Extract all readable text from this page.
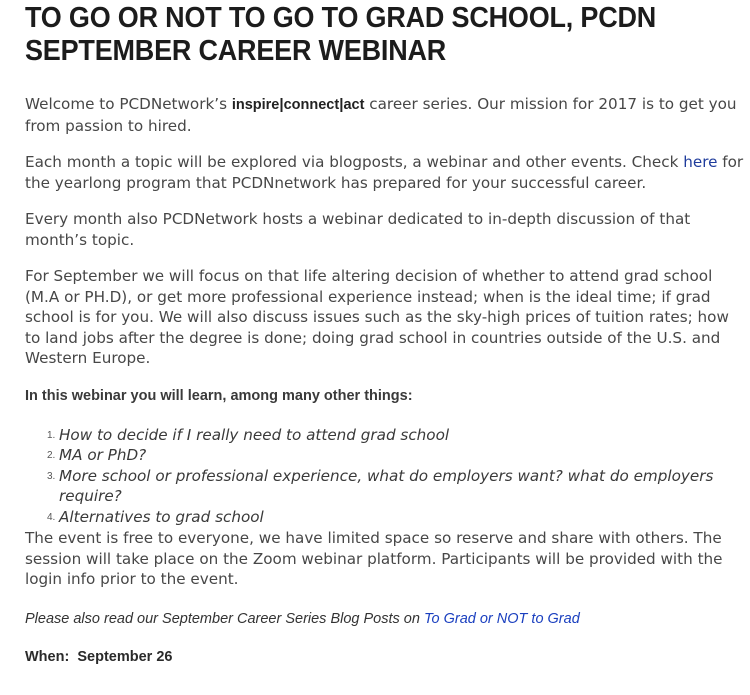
TO GO OR NOT TO GO TO GRAD SCHOOL, PCDN
SEPTEMBER CAREER WEBINAR

Welcome to PCDNetwork’s inspire|connect|act career series. Our mission for 2017 is to get you from passion to hired.

Each month a topic will be explored via blogposts, a webinar and other events. Check here for the yearlong program that PCDNnetwork has prepared for your successful career.

Every month also PCDNetwork hosts a webinar dedicated to in-depth discussion of that month’s topic.

For September we will focus on that life altering decision of whether to attend grad school (M.A or PH.D), or get more professional experience instead; when is the ideal time; if grad school is for you. We will also discuss issues such as the sky-high prices of tuition rates; how to land jobs after the degree is done; doing grad school in countries outside of the U.S. and Western Europe.

In this webinar you will learn, among many other things:
1. How to decide if I really need to attend grad school
2. MA or PhD?
3. More school or professional experience, what do employers want? what do employers require?
4. Alternatives to grad school

The event is free to everyone, we have limited space so reserve and share with others. The session will take place on the Zoom webinar platform. Participants will be provided with the login info prior to the event.

Please also read our September Career Series Blog Posts on To Grad or NOT to Grad
When: September 26
